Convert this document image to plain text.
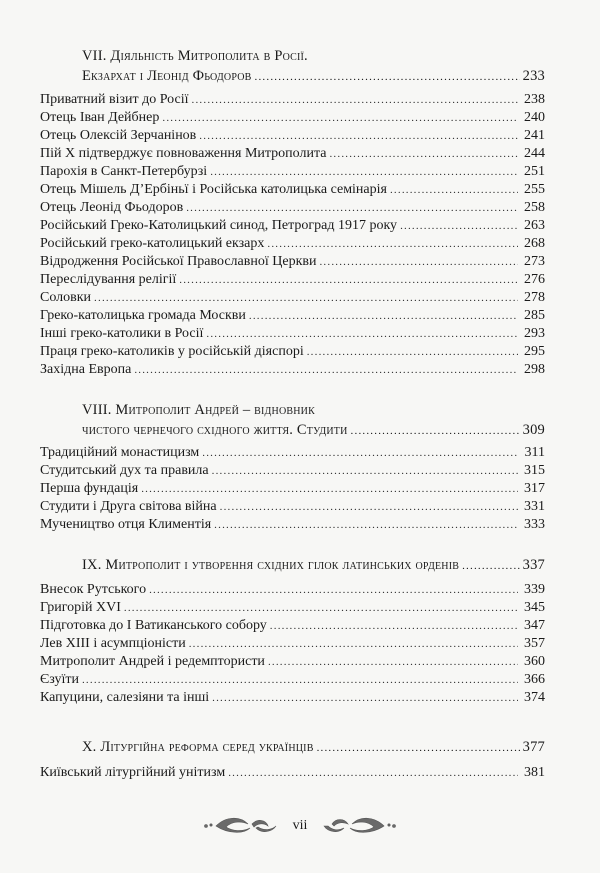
VII. Діяльність Митрополита в Росії.
Екзархат і Леонід Фьодоров .....	233
Приватний візит до Росії .....	238
Отець Іван Дейбнер .....	240
Отець Олексій Зерчанінов .....	241
Пій Х підтверджує повноваження Митрополита .....	244
Парохія в Санкт-Петербурзі .....	251
Отець Мішель Д’Ербіньї і Російська католицька семінарія .....	255
Отець Леонід Фьодоров .....	258
Російський Греко-Католицький синод, Петроград 1917 року .....	263
Російський греко-католицький екзарх .....	268
Відродження Російської Православної Церкви .....	273
Переслідування релігії .....	276
Соловки .....	278
Греко-католицька громада Москви .....	285
Інші греко-католики в Росії .....	293
Праця греко-католиків у російській діяспорі .....	295
Західна Европа .....	298
VIII. Митрополит Андрей – відновник
чистого чернечого східного життя. Студити .....	309
Традиційний монастицизм .....	311
Студитський дух та правила .....	315
Перша фундація .....	317
Студити і Друга світова війна .....	331
Мучеництво отця Климентія .....	333
IX. Митрополит і утворення східних гілок латинських орденів .....	337
Внесок Рутського .....	339
Григорій XVI .....	345
Підготовка до І Ватиканського собору .....	347
Лев XIII і асумпціоністи .....	357
Митрополит Андрей і редемптористи .....	360
Єзуїти .....	366
Капуцини, салезіяни та інші .....	374
X. Літургійна реформа серед українців .....	377
Київський літургійний унітизм .....	381
vii
